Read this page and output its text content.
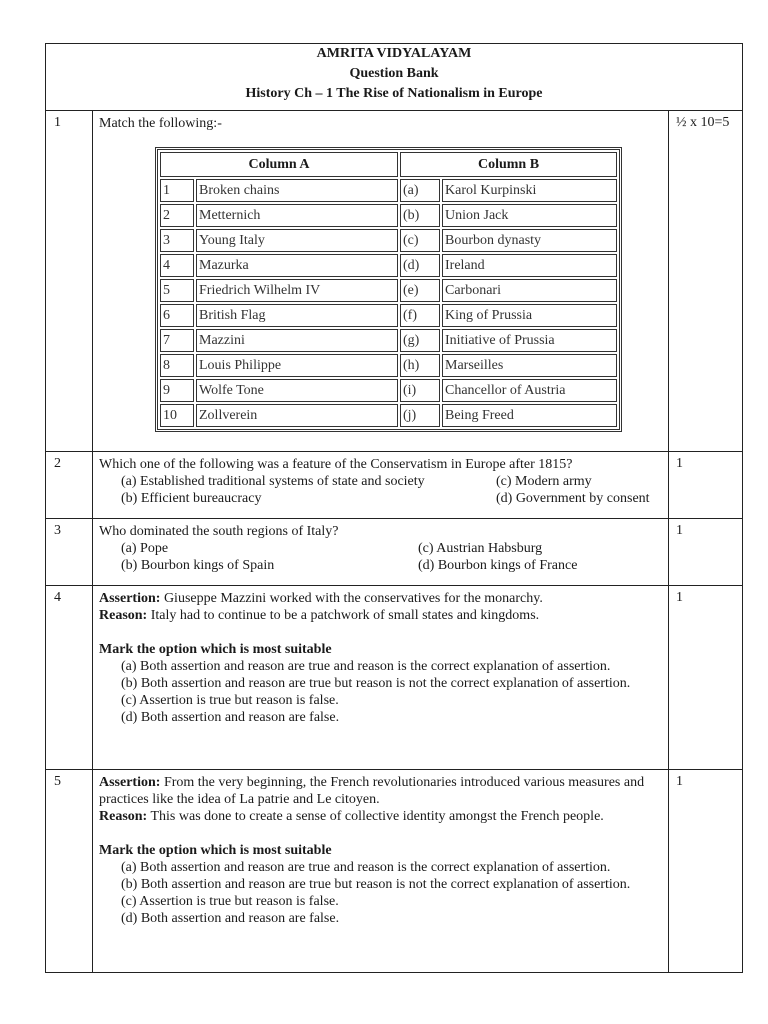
AMRITA VIDYALAYAM
Question Bank
History Ch – 1 The Rise of Nationalism in Europe

1	Match the following:-
Column A	Column B
1	Broken chains	(a)	Karol Kurpinski
2	Metternich	(b)	Union Jack
3	Young Italy	(c)	Bourbon dynasty
4	Mazurka	(d)	Ireland
5	Friedrich Wilhelm IV	(e)	Carbonari
6	British Flag	(f)	King of Prussia
7	Mazzini	(g)	Initiative of Prussia
8	Louis Philippe	(h)	Marseilles
9	Wolfe Tone	(i)	Chancellor of Austria
10	Zollverein	(j)	Being Freed
	½ x 10=5
2	Which one of the following was a feature of the Conservatism in Europe after 1815?
(a) Established traditional systems of state and society	(c) Modern army
(b) Efficient bureaucracy	(d) Government by consent
	1
3	Who dominated the south regions of Italy?
(a) Pope	(c) Austrian Habsburg
(b) Bourbon kings of Spain	(d) Bourbon kings of France
	1
4	Assertion: Giuseppe Mazzini worked with the conservatives for the monarchy.
Reason: Italy had to continue to be a patchwork of small states and kingdoms.
Mark the option which is most suitable
(a) Both assertion and reason are true and reason is the correct explanation of assertion.
(b) Both assertion and reason are true but reason is not the correct explanation of assertion.
(c) Assertion is true but reason is false.
(d) Both assertion and reason are false.
	1
5	Assertion: From the very beginning, the French revolutionaries introduced various measures and practices like the idea of La patrie and Le citoyen.
Reason: This was done to create a sense of collective identity amongst the French people.
Mark the option which is most suitable
(a) Both assertion and reason are true and reason is the correct explanation of assertion.
(b) Both assertion and reason are true but reason is not the correct explanation of assertion.
(c) Assertion is true but reason is false.
(d) Both assertion and reason are false.
	1
